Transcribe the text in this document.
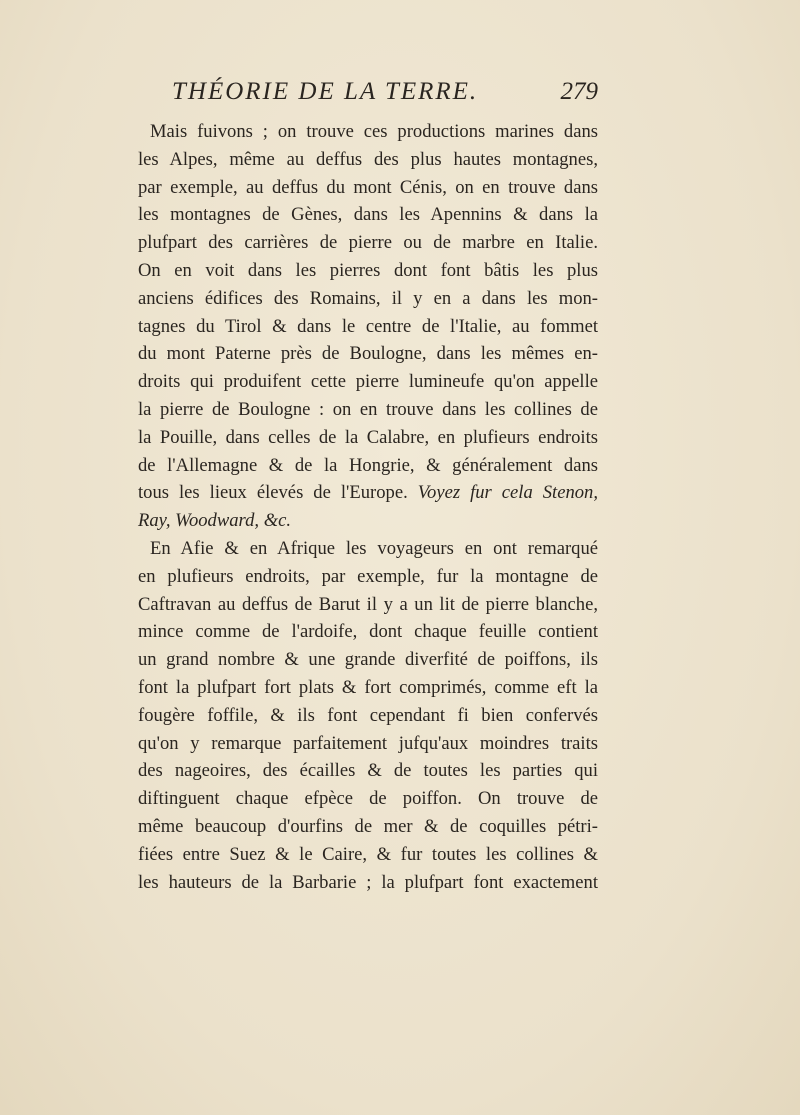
THÉORIE DE LA TERRE.	279
Mais fuivons ; on trouve ces productions marines dans
les Alpes, même au deffus des plus hautes montagnes,
par exemple, au deffus du mont Cénis, on en trouve dans
les montagnes de Gènes, dans les Apennins & dans la
plufpart des carrières de pierre ou de marbre en Italie.
On en voit dans les pierres dont font bâtis les plus
anciens édifices des Romains, il y en a dans les mon-
tagnes du Tirol & dans le centre de l'Italie, au fommet
du mont Paterne près de Boulogne, dans les mêmes en-
droits qui produifent cette pierre lumineufe qu'on appelle
la pierre de Boulogne : on en trouve dans les collines de
la Pouille, dans celles de la Calabre, en plufieurs endroits
de l'Allemagne & de la Hongrie, & généralement dans
tous les lieux élevés de l'Europe. Voyez fur cela Stenon,
Ray, Woodward, &c.
En Afie & en Afrique les voyageurs en ont remarqué
en plufieurs endroits, par exemple, fur la montagne de
Caftravan au deffus de Barut il y a un lit de pierre blanche,
mince comme de l'ardoife, dont chaque feuille contient
un grand nombre & une grande diverfité de poiffons, ils
font la plufpart fort plats & fort comprimés, comme eft la
fougère foffile, & ils font cependant fi bien confervés
qu'on y remarque parfaitement jufqu'aux moindres traits
des nageoires, des écailles & de toutes les parties qui
diftinguent chaque efpèce de poiffon. On trouve de
même beaucoup d'ourfins de mer & de coquilles pétri-
fiées entre Suez & le Caire, & fur toutes les collines &
les hauteurs de la Barbarie ; la plufpart font exactement
